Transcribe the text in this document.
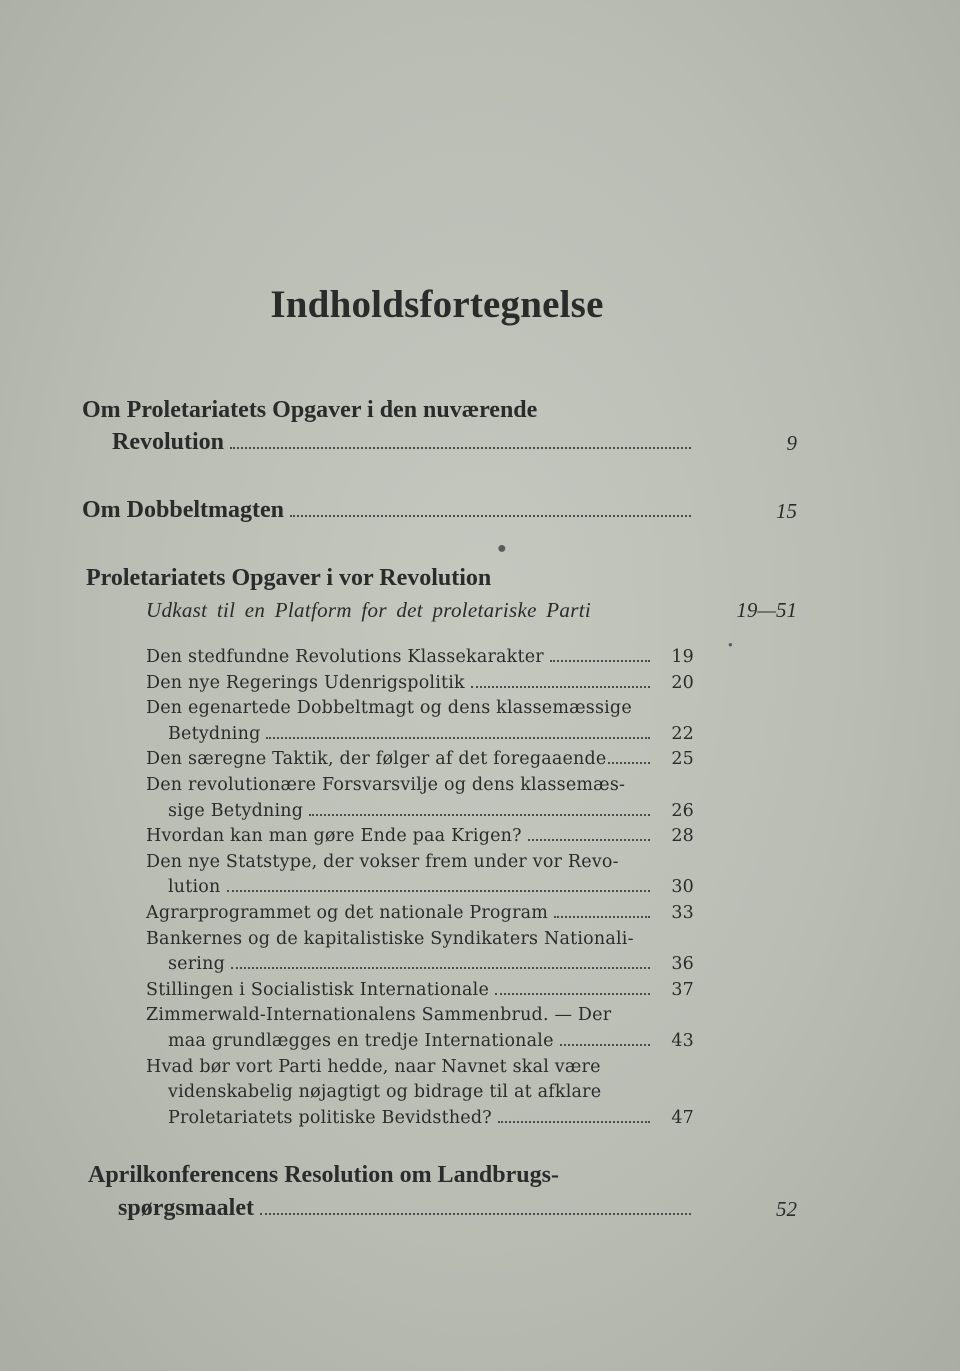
Indholdsfortegnelse
Om Proletariatets Opgaver i den nuværende
Revolution	9
Om Dobbeltmagten	15
●
Proletariatets Opgaver i vor Revolution
Udkast til en Platform for det proletariske Parti	19—51
●
Den stedfundne Revolutions Klassekarakter	19
Den nye Regerings Udenrigspolitik	20
Den egenartede Dobbeltmagt og dens klassemæssige
Betydning	22
Den særegne Taktik, der følger af det foregaaende	25
Den revolutionære Forsvarsvilje og dens klassemæs-
sige Betydning	26
Hvordan kan man gøre Ende paa Krigen?	28
Den nye Statstype, der vokser frem under vor Revo-
lution	30
Agrarprogrammet og det nationale Program	33
Bankernes og de kapitalistiske Syndikaters Nationali-
sering	36
Stillingen i Socialistisk Internationale	37
Zimmerwald-Internationalens Sammenbrud. — Der
maa grundlægges en tredje Internationale	43
Hvad bør vort Parti hedde, naar Navnet skal være
videnskabelig nøjagtigt og bidrage til at afklare
Proletariatets politiske Bevidsthed?	47
Aprilkonferencens Resolution om Landbrugs-
spørgsmaalet	52
